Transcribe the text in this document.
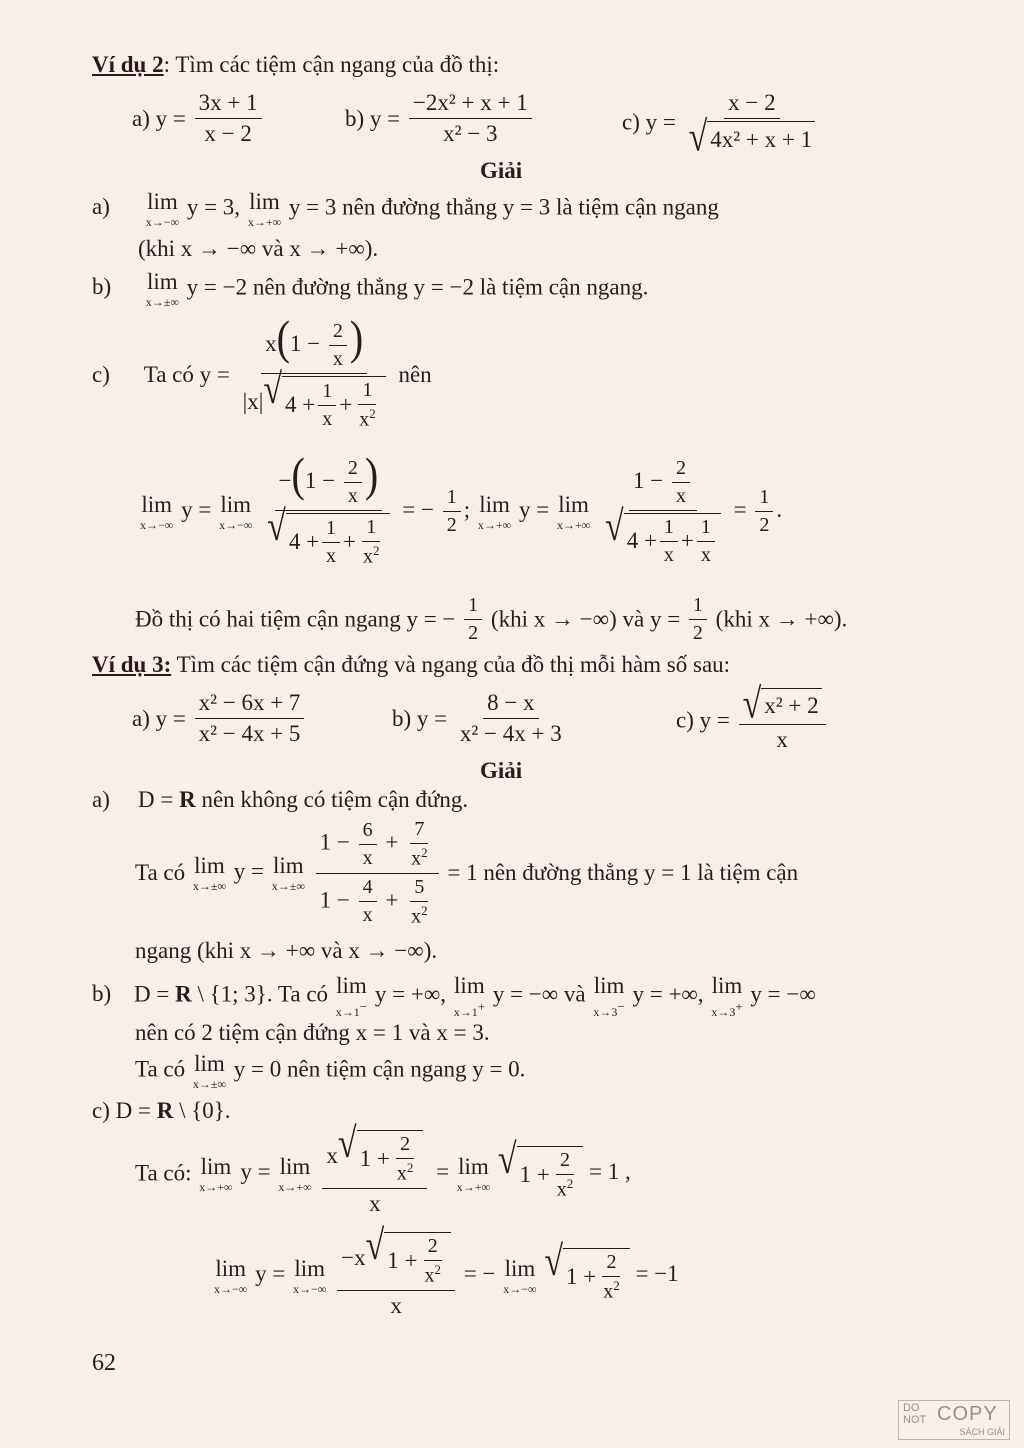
Ví dụ 2: Tìm các tiệm cận ngang của đồ thị:
a) $y = \frac{3x + 1}{x - 2}$	b) $y = \frac{\text{−2x² + x + 1}}{\text{x² − 3}}$	c) $y = \frac{x - 2}{\text{√ 4x² + x + 1}}$
Giải
a) lim
x→−∞
y = 3, lim
x→+∞
y = 3 nên đường thẳng y = 3 là tiệm cận ngang
(khi x → −∞ và x → +∞).
b) lim
x→±∞
y = −2 nên đường thẳng y = −2 là tiệm cận ngang.
c) Ta có $y = \frac{x(1 - \frac{2}{x} )}{|x| √ 4 + \frac{1}{x} + \frac{1}{x^2}}$ nên
lim
x→−∞
y = lim
x→−∞
$\frac{-(1 - \frac{2}{x} )}{√ 4 + \frac{1}{x} + \frac{1}{x^2}}$ = − $\frac{1}{2}$ ; lim
x→+∞
y = lim
x→+∞
$\frac{1 - \frac{2}{x}}{√ 4 + \frac{1}{x} + \frac{1}{x}} = \frac{1}{2}$ .
Đồ thị có hai tiệm cận ngang y = − $\frac{1}{2} (khi$ x → −∞) và $y = \frac{1}{2} (khi$ x → +∞).
Ví dụ 3: Tìm các tiệm cận đứng và ngang của đồ thị mỗi hàm số sau:
a) $y = \frac{\text{x² − 6x + 7}}{\text{x² − 4x + 5}}$	b) $y = \frac{8 - x}{\text{x² − 4x + 3}}$	c) $y = \frac{\text{√ x² + 2}}{x}$
Giải
a) D = R nên không có tiệm cận đứng.
Ta có lim
x→±∞
y = lim
x→±∞
$\frac{1 - \frac{6}{x} + \frac{7}{x^2}}{1 - \frac{4}{x} + \frac{5}{x^2}} = 1$ nên đường thẳng y = 1 là tiệm cận
ngang (khi x → +∞ và x → −∞).
b) D = R \ {1; 3}. Ta có lim
x→1−
y = +∞, lim
x→1+
y = −∞ và lim
x→3−
y = +∞, lim
x→3+
y = −∞
nên có 2 tiệm cận đứng x = 1 và x = 3.
Ta có lim
x→±∞
y = 0 nên tiệm cận ngang y = 0.
c) D = R \ {0}.
Ta có: lim
x→+∞
y = lim
x→+∞
$\frac{x √ 1 + \frac{2}{x^2}}{x} = \lim$
x→+∞

√ $1 + \frac{2}{x^2} = 1$ ,
lim
x→−∞
y = lim
x→−∞
$\frac{-x √ 1 + \frac{2}{x^2}}{x}$ = − lim
x→−∞

√ $1 + \frac{2}{x^2} = -1$
62
DO
NOT COPY
SÁCH GIẢI
